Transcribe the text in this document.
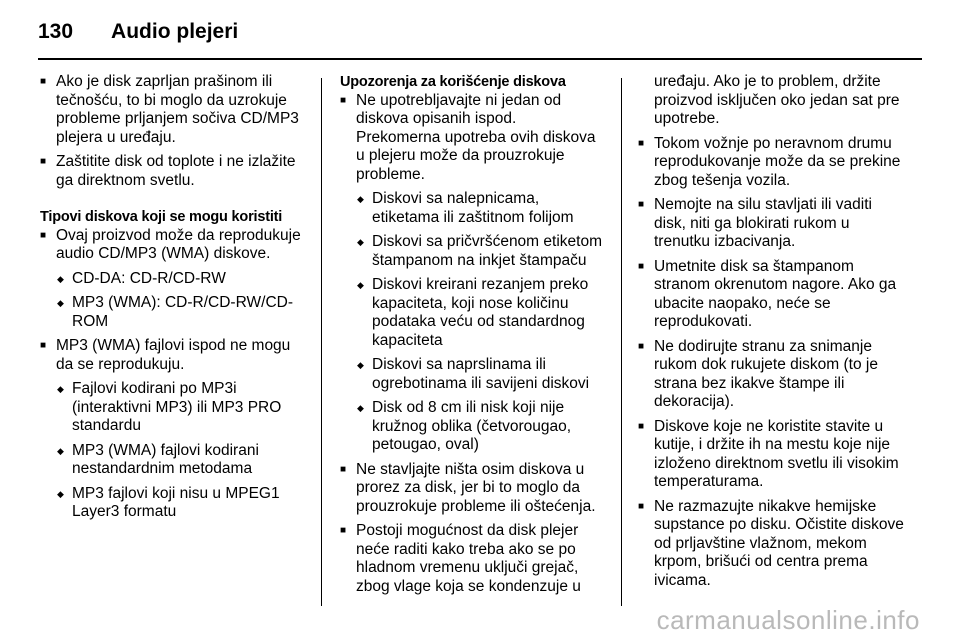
130 Audio plejeri
■ Ako je disk zaprljan prašinom ili tečnošću, to bi moglo da uzrokuje probleme prljanjem sočiva CD/MP3 plejera u uređaju.
■ Zaštitite disk od toplote i ne izlažite ga direktnom svetlu.
Tipovi diskova koji se mogu koristiti
■ Ovaj proizvod može da reprodukuje audio CD/MP3 (WMA) diskove.
◆ CD-DA: CD-R/CD-RW
◆ MP3 (WMA): CD-R/CD-RW/CD-ROM
■ MP3 (WMA) fajlovi ispod ne mogu da se reprodukuju.
◆ Fajlovi kodirani po MP3i (interaktivni MP3) ili MP3 PRO standardu
◆ MP3 (WMA) fajlovi kodirani nestandardnim metodama
◆ MP3 fajlovi koji nisu u MPEG1 Layer3 formatu
Upozorenja za korišćenje diskova
■ Ne upotrebljavajte ni jedan od diskova opisanih ispod.
Prekomerna upotreba ovih diskova u plejeru može da prouzrokuje probleme.
◆ Diskovi sa nalepnicama, etiketama ili zaštitnom folijom
◆ Diskovi sa pričvršćenom etiketom štampanom na inkjet štampaču
◆ Diskovi kreirani rezanjem preko kapaciteta, koji nose količinu podataka veću od standardnog kapaciteta
◆ Diskovi sa naprslinama ili ogrebotinama ili savijeni diskovi
◆ Disk od 8 cm ili nisk koji nije kružnog oblika (četvorougao, petougao, oval)
■ Ne stavljajte ništa osim diskova u prorez za disk, jer bi to moglo da prouzrokuje probleme ili oštećenja.
■ Postoji mogućnost da disk plejer neće raditi kako treba ako se po hladnom vremenu uključi grejač, zbog vlage koja se kondenzuje u
uređaju. Ako je to problem, držite proizvod isključen oko jedan sat pre upotrebe.
■ Tokom vožnje po neravnom drumu reprodukovanje može da se prekine zbog tešenja vozila.
■ Nemojte na silu stavljati ili vaditi disk, niti ga blokirati rukom u trenutku izbacivanja.
■ Umetnite disk sa štampanom stranom okrenutom nagore. Ako ga ubacite naopako, neće se reprodukovati.
■ Ne dodirujte stranu za snimanje rukom dok rukujete diskom (to je strana bez ikakve štampe ili dekoracija).
■ Diskove koje ne koristite stavite u kutije, i držite ih na mestu koje nije izloženo direktnom svetlu ili visokim temperaturama.
■ Ne razmazujte nikakve hemijske supstance po disku. Očistite diskove od prljavštine vlažnom, mekom krpom, brišući od centra prema ivicama.
carmanualsonline.info
